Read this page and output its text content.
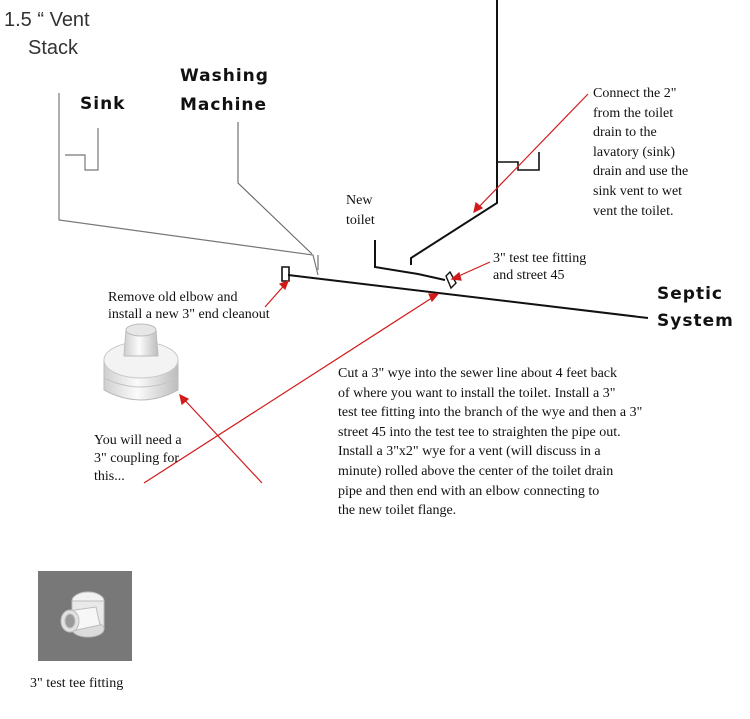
1.5 “ Vent
Stack
Sink
Washing
Machine
New
toilet
Septic
System
3" test tee fitting
and street 45
Connect the 2"
from the toilet
drain to the
lavatory (sink)
drain and use the
sink vent to wet
vent the toilet.
Remove old elbow and
install a new 3" end cleanout
You will need a
3" coupling for
this...
Cut a 3" wye into the sewer line about 4 feet back
of where you want to install the toilet. Install a 3"
test tee fitting into the branch of the wye and then a 3"
street 45 into the test tee to straighten the pipe out.
Install a 3"x2" wye for a vent (will discuss in a
minute) rolled above the center of the toilet drain
pipe and then end with an elbow connecting to
the new toilet flange.
3" test tee fitting
